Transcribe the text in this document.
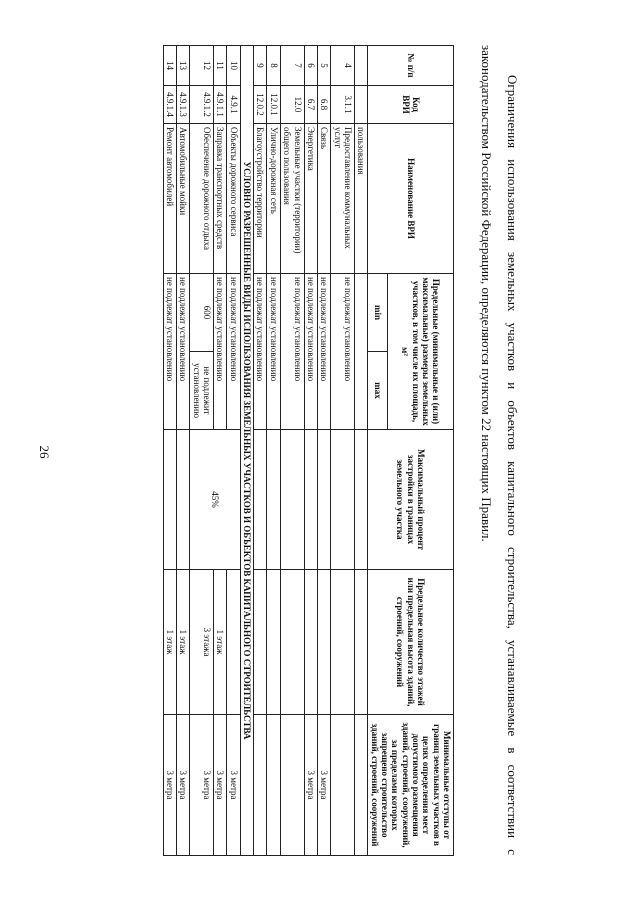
26
№ п/п	Код ВРИ	Наименование ВРИ	Предельные (минимальные и (или) максимальные) размеры земельных участков, в том числе их площадь, м²		Максимальный процент застройки в границах земельного участка	Предельное количество этажей или предельная высота зданий, строений, сооружений	Минимальные отступы от границ земельных участков в целях определения мест допустимого размещения зданий, строений, сооружений, за пределами которых запрещено строительство зданий, строений, сооружений
			min	max			
		пользования					
4	3.1.1	Предоставление коммунальных услуг	не подлежат установлению				
5	6.8	Связь	не подлежат установлению				3 метра
6	6.7	Энергетика	не подлежат установлению				3 метра
7	12.0	Земельные участки (территории) общего пользования	не подлежат установлению				
8	12.0.1	Улично-дорожная сеть	не подлежат установлению				
9	12.0.2	Благоустройство территории	не подлежат установлению				
УСЛОВНО РАЗРЕШЕННЫЕ ВИДЫ ИСПОЛЬЗОВАНИЯ ЗЕМЕЛЬНЫХ УЧАСТКОВ И ОБЪЕКТОВ КАПИТАЛЬНОГО СТРОИТЕЛЬСТВА							
10	4.9.1	Объекты дорожного сервиса	не подлежат установлению		45%		3 метра
11	4.9.1.1	Заправка транспортных средств	не подлежат установлению			1 этаж	3 метра
12	4.9.1.2	Обеспечение дорожного отдыха	600	не подлежит установлению		3 этажа	3 метра
13	4.9.1.3	Автомобильные мойки	не подлежат установлению			1 этаж	3 метра
14	4.9.1.4	Ремонт автомобилей	не подлежат установлению			1 этаж	3 метра	Ограничения использования земельных участков и объектов капитального строительства, устанавливаемые в соответствии с законодательством Российской Федерации, определяются пунктом 22 настоящих Правил.
